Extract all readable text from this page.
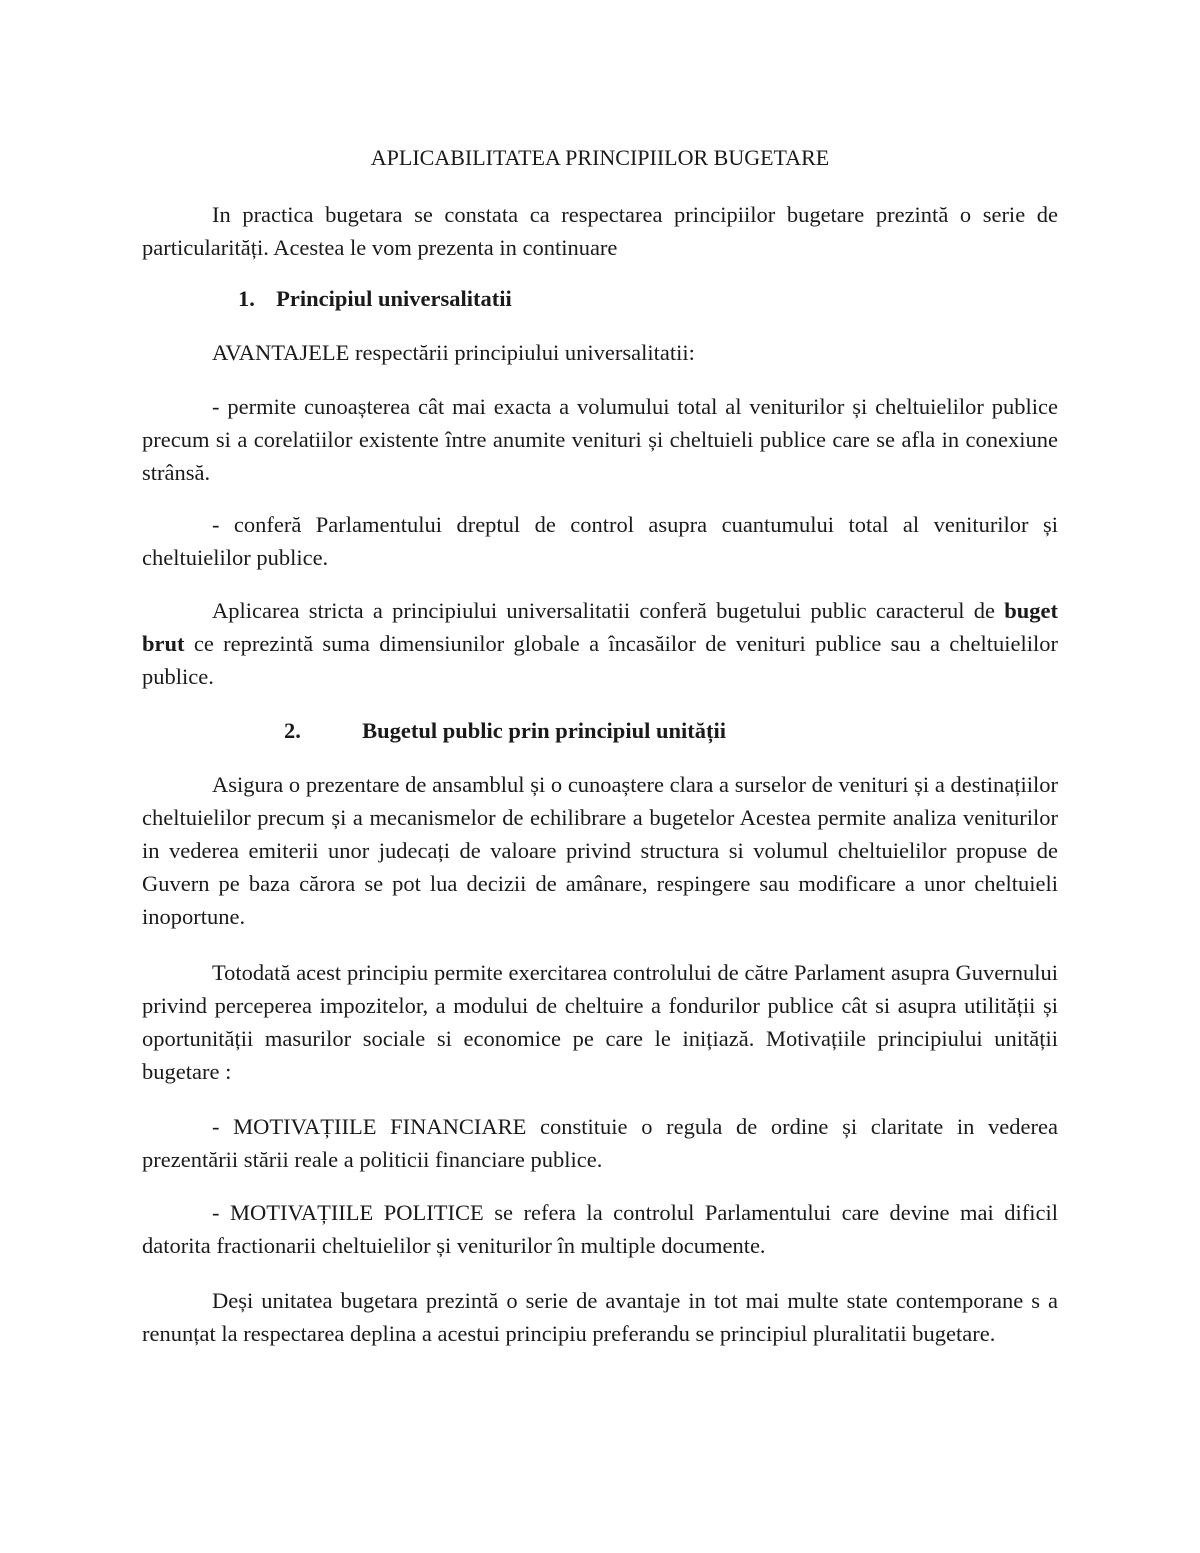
APLICABILITATEA PRINCIPIILOR BUGETARE

In practica bugetara se constata ca respectarea principiilor bugetare prezintă o serie de particularități. Acestea le vom prezenta in continuare

1. Principiul universalitatii

AVANTAJELE respectării principiului universalitatii:

- permite cunoașterea cât mai exacta a volumului total al veniturilor și cheltuielilor publice precum si a corelatiilor existente între anumite venituri și cheltuieli publice care se afla in conexiune strânsă.

- conferă Parlamentului dreptul de control asupra cuantumului total al veniturilor și cheltuielilor publice.

Aplicarea stricta a principiului universalitatii conferă bugetului public caracterul de buget brut ce reprezintă suma dimensiunilor globale a încasăilor de venituri publice sau a cheltuielilor publice.

2.	Bugetul public prin principiul unității

Asigura o prezentare de ansamblul și o cunoaștere clara a surselor de venituri și a destinațiilor cheltuielilor precum și a mecanismelor de echilibrare a bugetelor Acestea permite analiza veniturilor in vederea emiterii unor judecați de valoare privind structura si volumul cheltuielilor propuse de Guvern pe baza cărora se pot lua decizii de amânare, respingere sau modificare a unor cheltuieli inoportune.

Totodată acest principiu permite exercitarea controlului de către Parlament asupra Guvernului privind perceperea impozitelor, a modului de cheltuire a fondurilor publice cât si asupra utilității și oportunității masurilor sociale si economice pe care le inițiază. Motivațiile principiului unității bugetare :

- MOTIVAȚIILE FINANCIARE constituie o regula de ordine și claritate in vederea prezentării stării reale a politicii financiare publice.

- MOTIVAȚIILE POLITICE se refera la controlul Parlamentului care devine mai dificil datorita fractionarii cheltuielilor și veniturilor în multiple documente.

Deși unitatea bugetara prezintă o serie de avantaje in tot mai multe state contemporane s a renunțat la respectarea deplina a acestui principiu preferandu se principiul pluralitatii bugetare.
